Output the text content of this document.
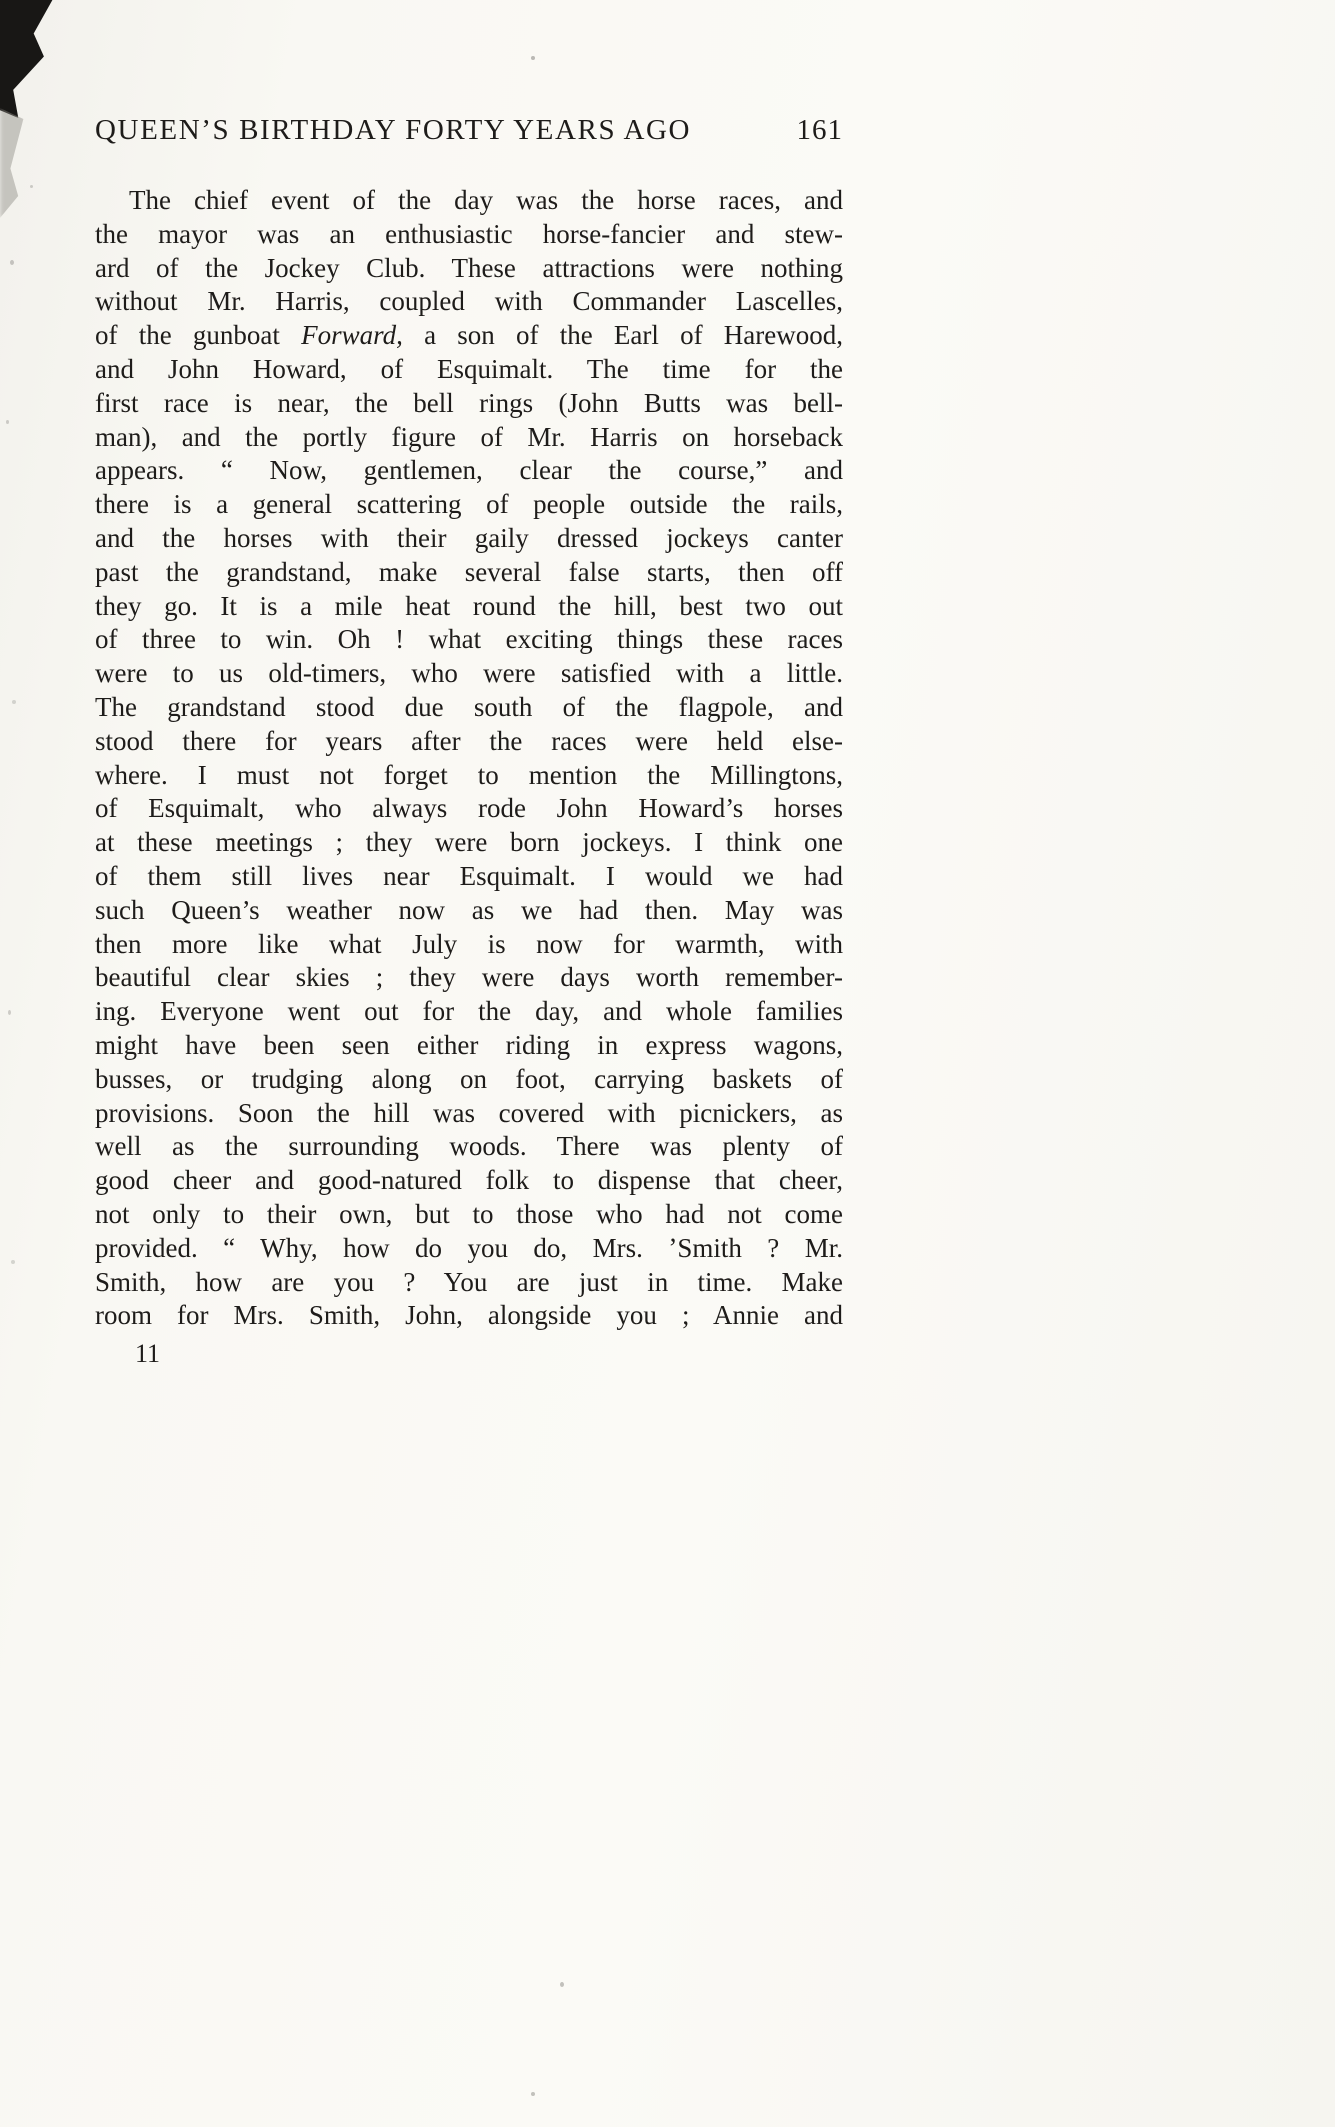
QUEEN’S BIRTHDAY FORTY YEARS AGO	161
The chief event of the day was the horse races, and
the mayor was an enthusiastic horse-fancier and stew-
ard of the Jockey Club. These attractions were nothing
without Mr. Harris, coupled with Commander Lascelles,
of the gunboat Forward, a son of the Earl of Harewood,
and John Howard, of Esquimalt. The time for the
first race is near, the bell rings (John Butts was bell-
man), and the portly figure of Mr. Harris on horseback
appears. “ Now, gentlemen, clear the course,” and
there is a general scattering of people outside the rails,
and the horses with their gaily dressed jockeys canter
past the grandstand, make several false starts, then off
they go. It is a mile heat round the hill, best two out
of three to win. Oh ! what exciting things these races
were to us old-timers, who were satisfied with a little.
The grandstand stood due south of the flagpole, and
stood there for years after the races were held else-
where. I must not forget to mention the Millingtons,
of Esquimalt, who always rode John Howard’s horses
at these meetings ; they were born jockeys. I think one
of them still lives near Esquimalt. I would we had
such Queen’s weather now as we had then. May was
then more like what July is now for warmth, with
beautiful clear skies ; they were days worth remember-
ing. Everyone went out for the day, and whole families
might have been seen either riding in express wagons,
busses, or trudging along on foot, carrying baskets of
provisions. Soon the hill was covered with picnickers, as
well as the surrounding woods. There was plenty of
good cheer and good-natured folk to dispense that cheer,
not only to their own, but to those who had not come
provided. “ Why, how do you do, Mrs. ʼSmith ? Mr.
Smith, how are you ? You are just in time. Make
room for Mrs. Smith, John, alongside you ; Annie and
11
